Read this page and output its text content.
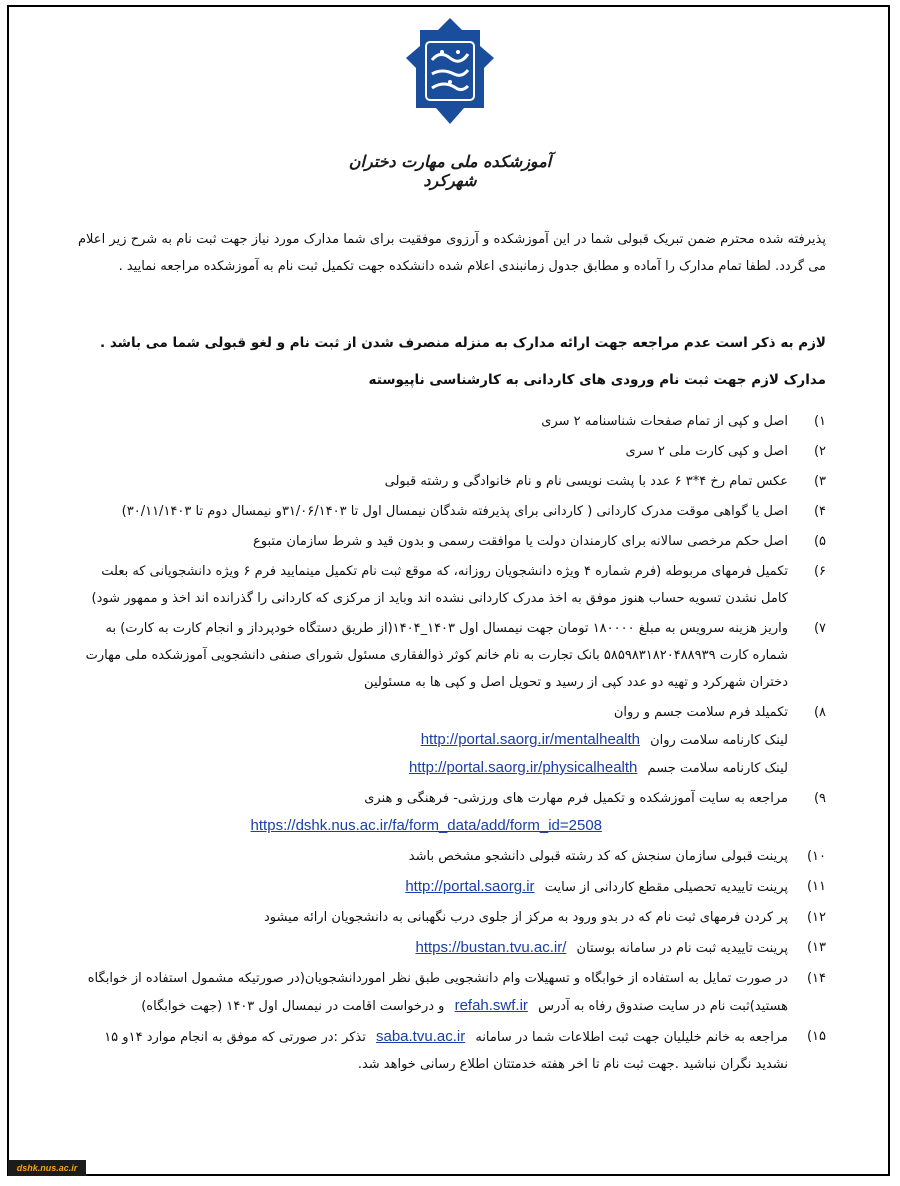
آموزشکده ملی مهارت دختران شهرکرد

پذیرفته شده محترم ضمن تبریک قبولی شما در این آموزشکده و آرزوی موفقیت برای شما مدارک مورد نیاز جهت ثبت نام به شرح زیر اعلام می گردد. لطفا تمام مدارک را آماده و مطابق جدول زمانبندی اعلام شده دانشکده جهت تکمیل ثبت نام به آموزشکده مراجعه نمایید .

لازم به ذکر است عدم مراجعه جهت ارائه مدارک به منزله منصرف شدن از ثبت نام و لغو قبولی شما می باشد .

مدارک لازم جهت ثبت نام ورودی های کاردانی به کارشناسی ناپیوسته

۱)
اصل و کپی از تمام صفحات شناسنامه ۲ سری
۲)
اصل و کپی کارت ملی ۲ سری
۳)
عکس تمام رخ ۴*۳ ۶ عدد با پشت نویسی نام و نام خانوادگی و رشته قبولی
۴)
اصل یا گواهی موقت مدرک کاردانی ( کاردانی برای پذیرفته شدگان نیمسال اول تا ۳۱/۰۶/۱۴۰۳و نیمسال دوم تا ۳۰/۱۱/۱۴۰۳)
۵)
اصل حکم مرخصی سالانه برای کارمندان دولت یا موافقت رسمی و بدون قید و شرط سازمان متبوع
۶)
تکمیل فرمهای مربوطه (فرم شماره ۴ ویژه دانشجویان روزانه، که موقع ثبت نام تکمیل مینمایید فرم ۶ ویژه دانشجویانی که بعلت کامل نشدن تسویه حساب هنوز موفق به اخذ مدرک کاردانی نشده اند وباید از مرکزی که کاردانی را گذرانده اند اخذ و ممهور شود)
۷)
واریز هزینه سرویس به مبلغ ۱۸۰۰۰۰ تومان جهت نیمسال اول ۱۴۰۳_۱۴۰۴(از طریق دستگاه خودپرداز و انجام کارت به کارت) به شماره کارت ۵۸۵۹۸۳۱۸۲۰۴۸۸۹۳۹ بانک تجارت به نام خانم کوثر ذوالفقاری مسئول شورای صنفی دانشجویی آموزشکده ملی مهارت دختران شهرکرد و تهیه دو عدد کپی از رسید و تحویل اصل و کپی ها به مسئولین
۸)
تکمیلد فرم سلامت جسم و روان
لینک کارنامه سلامت روان http://portal.saorg.ir/mentalhealth
لینک کارنامه سلامت جسم http://portal.saorg.ir/physicalhealth
۹)
مراجعه به سایت آموزشکده و تکمیل فرم مهارت های ورزشی- فرهنگی و هنری
https://dshk.nus.ac.ir/fa/form_data/add/form_id=2508
۱۰)
پرینت قبولی سازمان سنجش که کد رشته قبولی دانشجو مشخص باشد
۱۱)
پرینت تاییدیه تحصیلی مقطع کاردانی از سایت http://portal.saorg.ir
۱۲)
پر کردن فرمهای ثبت نام که در بدو ورود به مرکز از جلوی درب نگهبانی به دانشجویان ارائه میشود
۱۳)
پرینت تاییدیه ثبت نام در سامانه بوستان https://bustan.tvu.ac.ir/
۱۴)
در صورت تمایل به استفاده از خوابگاه و تسهیلات وام دانشجویی طبق نظر اموردانشجویان(در صورتیکه مشمول استفاده از خوابگاه هستید)ثبت نام در سایت صندوق رفاه به آدرس refah.swf.ir و درخواست اقامت در نیمسال اول ۱۴۰۳ (جهت خوابگاه)
۱۵)
مراجعه به خانم خلیلیان جهت ثبت اطلاعات شما در سامانه saba.tvu.ac.ir تذکر :در صورتی که موفق به انجام موارد ۱۴و ۱۵ نشدید نگران نباشید .جهت ثبت نام تا اخر هفته خدمتتان اطلاع رسانی خواهد شد.
dshk.nus.ac.ir
